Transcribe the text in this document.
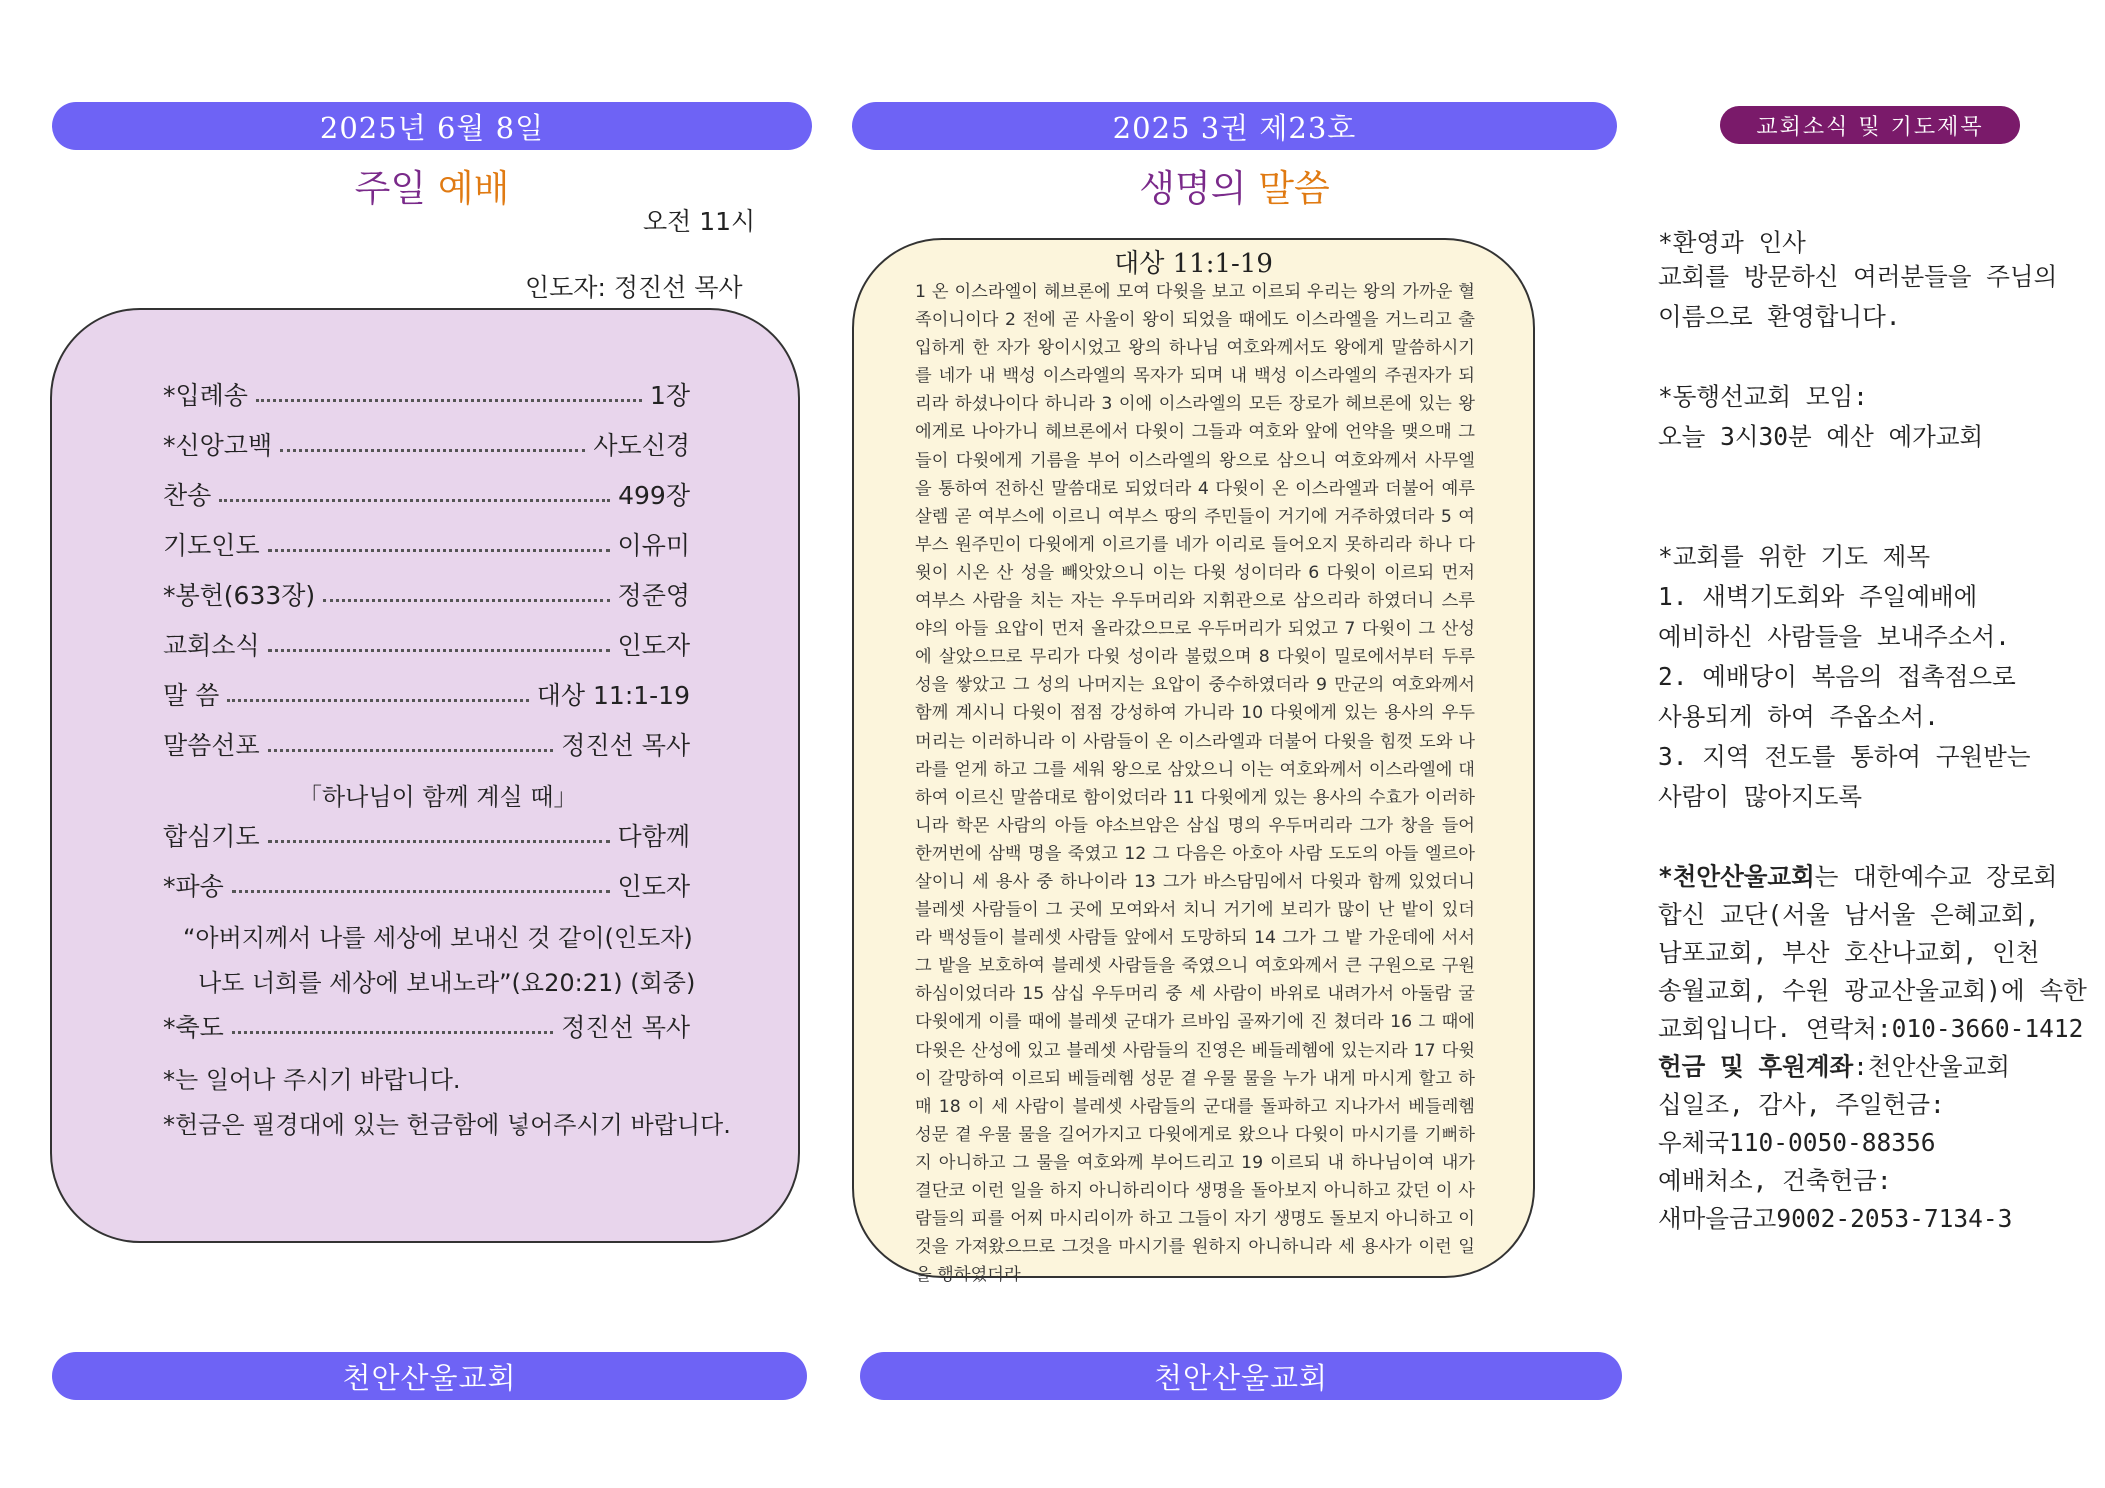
2025년 6월 8일
주일 예배
오전 11시
인도자: 정진선 목사
*입례송	1장
*신앙고백	사도신경
찬송	499장
기도인도	이유미
*봉헌(633장)	정준영
교회소식	인도자
말 씀	대상 11:1-19
말씀선포	정진선 목사
「하나님이 함께 계실 때」
합심기도	다함께
*파송	인도자
“아버지께서 나를 세상에 보내신 것 같이(인도자)
나도 너희를 세상에 보내노라”(요20:21) (회중)
*축도	정진선 목사
*는 일어나 주시기 바랍니다.
*헌금은 필경대에 있는 헌금함에 넣어주시기 바랍니다.
천안산울교회
2025 3권 제23호
생명의 말씀
대상 11:1-19
1 온 이스라엘이 헤브론에 모여 다윗을 보고 이르되 우리는 왕의 가까운 혈족이니이다 2 전에 곧 사울이 왕이 되었을 때에도 이스라엘을 거느리고 출입하게 한 자가 왕이시었고 왕의 하나님 여호와께서도 왕에게 말씀하시기를 네가 내 백성 이스라엘의 목자가 되며 내 백성 이스라엘의 주권자가 되리라 하셨나이다 하니라 3 이에 이스라엘의 모든 장로가 헤브론에 있는 왕에게로 나아가니 헤브론에서 다윗이 그들과 여호와 앞에 언약을 맺으매 그들이 다윗에게 기름을 부어 이스라엘의 왕으로 삼으니 여호와께서 사무엘을 통하여 전하신 말씀대로 되었더라 4 다윗이 온 이스라엘과 더불어 예루살렘 곧 여부스에 이르니 여부스 땅의 주민들이 거기에 거주하였더라 5 여부스 원주민이 다윗에게 이르기를 네가 이리로 들어오지 못하리라 하나 다윗이 시온 산 성을 빼앗았으니 이는 다윗 성이더라 6 다윗이 이르되 먼저 여부스 사람을 치는 자는 우두머리와 지휘관으로 삼으리라 하였더니 스루야의 아들 요압이 먼저 올라갔으므로 우두머리가 되었고 7 다윗이 그 산성에 살았으므로 무리가 다윗 성이라 불렀으며 8 다윗이 밀로에서부터 두루 성을 쌓았고 그 성의 나머지는 요압이 중수하였더라 9 만군의 여호와께서 함께 계시니 다윗이 점점 강성하여 가니라 10 다윗에게 있는 용사의 우두머리는 이러하니라 이 사람들이 온 이스라엘과 더불어 다윗을 힘껏 도와 나라를 얻게 하고 그를 세워 왕으로 삼았으니 이는 여호와께서 이스라엘에 대하여 이르신 말씀대로 함이었더라 11 다윗에게 있는 용사의 수효가 이러하니라 학몬 사람의 아들 야소브암은 삼십 명의 우두머리라 그가 창을 들어 한꺼번에 삼백 명을 죽였고 12 그 다음은 아호아 사람 도도의 아들 엘르아살이니 세 용사 중 하나이라 13 그가 바스담밈에서 다윗과 함께 있었더니 블레셋 사람들이 그 곳에 모여와서 치니 거기에 보리가 많이 난 밭이 있더라 백성들이 블레셋 사람들 앞에서 도망하되 14 그가 그 밭 가운데에 서서 그 밭을 보호하여 블레셋 사람들을 죽였으니 여호와께서 큰 구원으로 구원하심이었더라 15 삼십 우두머리 중 세 사람이 바위로 내려가서 아둘람 굴 다윗에게 이를 때에 블레셋 군대가 르바임 골짜기에 진 쳤더라 16 그 때에 다윗은 산성에 있고 블레셋 사람들의 진영은 베들레헴에 있는지라 17 다윗이 갈망하여 이르되 베들레헴 성문 곁 우물 물을 누가 내게 마시게 할고 하매 18 이 세 사람이 블레셋 사람들의 군대를 돌파하고 지나가서 베들레헴 성문 곁 우물 물을 길어가지고 다윗에게로 왔으나 다윗이 마시기를 기뻐하지 아니하고 그 물을 여호와께 부어드리고 19 이르되 내 하나님이여 내가 결단코 이런 일을 하지 아니하리이다 생명을 돌아보지 아니하고 갔던 이 사람들의 피를 어찌 마시리이까 하고 그들이 자기 생명도 돌보지 아니하고 이것을 가져왔으므로 그것을 마시기를 원하지 아니하니라 세 용사가 이런 일을 행하였더라
천안산울교회
교회소식 및 기도제목
*환영과 인사
교회를 방문하신 여러분들을 주님의
이름으로 환영합니다.
*동행선교회 모임:
오늘 3시30분 예산 예가교회
*교회를 위한 기도 제목
1. 새벽기도회와 주일예배에
예비하신 사람들을 보내주소서.
2. 예배당이 복음의 접촉점으로
사용되게 하여 주옵소서.
3. 지역 전도를 통하여 구원받는
사람이 많아지도록
*천안산울교회는 대한예수교 장로회
합신 교단(서울 남서울 은혜교회,
남포교회, 부산 호산나교회, 인천
송월교회, 수원 광교산울교회)에 속한
교회입니다. 연락처:010-3660-1412
헌금 및 후원계좌:천안산울교회
십일조, 감사, 주일헌금:
우체국110-0050-88356
예배처소, 건축헌금:
새마을금고9002-2053-7134-3
